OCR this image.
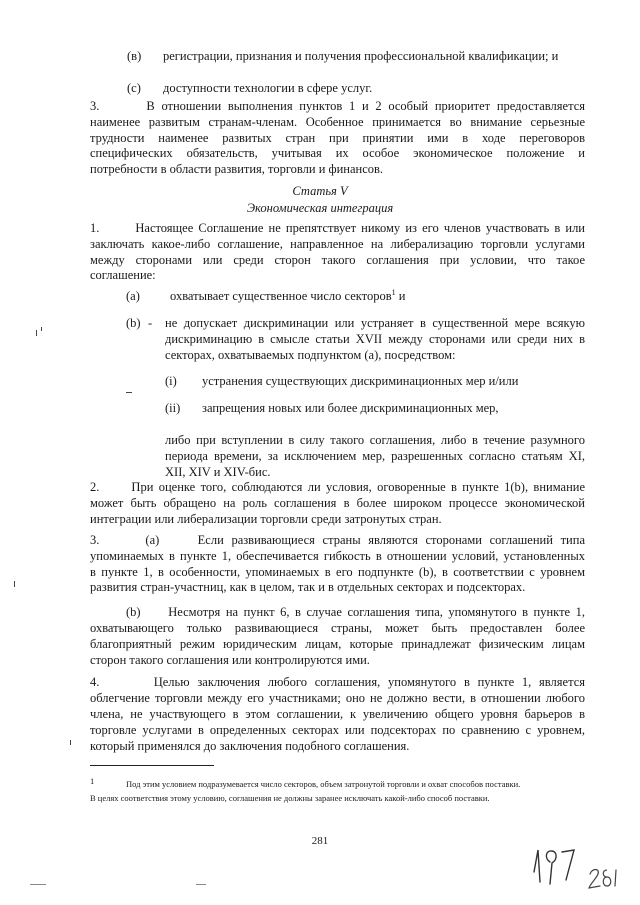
(в) регистрации, признания и получения профессиональной квалификации; и
(c) доступности технологии в сфере услуг.
3.       В отношении выполнения пунктов 1 и 2 особый приоритет предоставляется
наименее развитым странам-членам. Особенное принимается во внимание серьезные
трудности наименее развитых стран при принятии ими в ходе переговоров
специфических обязательств, учитывая их особое экономическое положение и
потребности в области развития, торговли и финансов.
Статья V
Экономическая интеграция
1.       Настоящее Соглашение не препятствует никому из его членов участвовать в или
заключать какое-либо соглашение, направленное на либерализацию торговли услугами
между сторонами или среди сторон такого соглашения при условии, что такое
соглашение:
(a) охватывает существенное число секторов$^1$ и
(b) - не допускает дискриминации или устраняет в существенной мере всякую
дискриминацию в смысле статьи XVII между сторонами или среди них в
секторах, охватываемых подпунктом (a), посредством:
(i) устранения существующих дискриминационных мер и/или
(ii) запрещения новых или более дискриминационных мер,
либо при вступлении в силу такого соглашения, либо в течение разумного
периода времени, за исключением мер, разрешенных согласно статьям XI,
XII, XIV и XIV-бис.
2.      При оценке того, соблюдаются ли условия, оговоренные в пункте 1(b), внимание
может быть обращено на роль соглашения в более широком процессе экономической
интеграции или либерализации торговли среди затронутых стран.
3.      (a)     Если развивающиеся страны являются сторонами соглашений типа
упоминаемых в пункте 1, обеспечивается гибкость в отношении условий, установленных
в пункте 1, в особенности, упоминаемых в его подпункте (b), в соответствии с уровнем
развития стран-участниц, как в целом, так и в отдельных секторах и подсекторах.
(b)     Несмотря на пункт 6, в случае соглашения типа, упомянутого в пункте 1,
охватывающего только развивающиеся страны, может быть предоставлен более
благоприятный режим юридическим лицам, которые принадлежат физическим лицам
сторон такого соглашения или контролируются ими.
4.       Целью заключения любого соглашения, упомянутого в пункте 1, является
облегчение торговли между его участниками; оно не должно вести, в отношении любого
члена, не участвующего в этом соглашении, к увеличению общего уровня барьеров в
торговле услугами в определенных секторах или подсекторах по сравнению с уровнем,
который применялся до заключения подобного соглашения.
1	Под этим условием подразумевается число секторов, объем затронутой торговли и охват способов поставки.
В целях соответствия этому условию, соглашения не должны заранее исключать какой-либо способ поставки.
281
